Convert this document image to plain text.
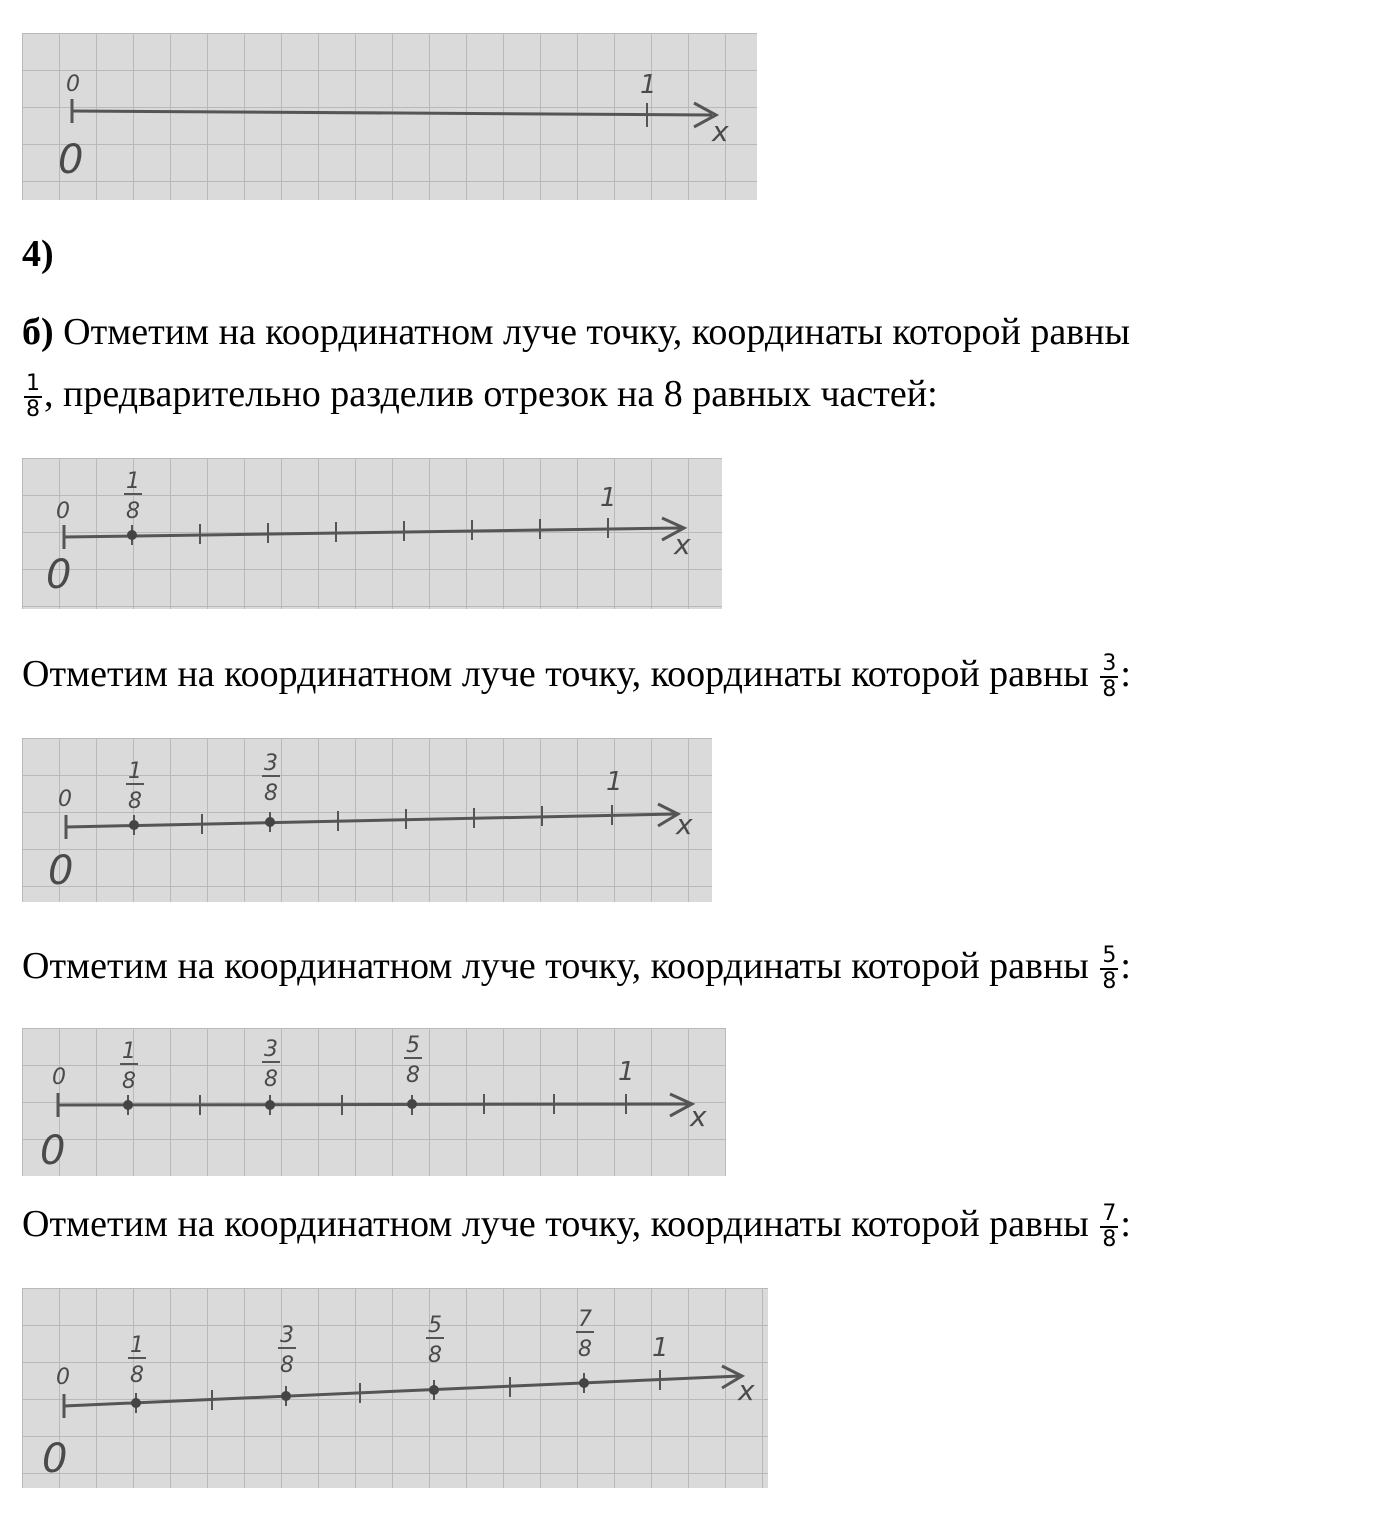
0	1
x
0

4)

б) Отметим на координатном луче точку, координаты которой равны

$\frac{1}{8}$ , предварительно разделив отрезок на 8 равных частей:

1
8
0	1
x
0

Отметим на координатном луче точку, координаты которой равны $\frac{3}{8}$ :

1
8
3
8
0
1
x
0

Отметим на координатном луче точку, координаты которой равны $\frac{5}{8}$ :

1
8
3
8
5
8
0	1
x
0

Отметим на координатном луче точку, координаты которой равны $\frac{7}{8}$ :

1
8
3
8
5
8
7
8
0
1
x
0
